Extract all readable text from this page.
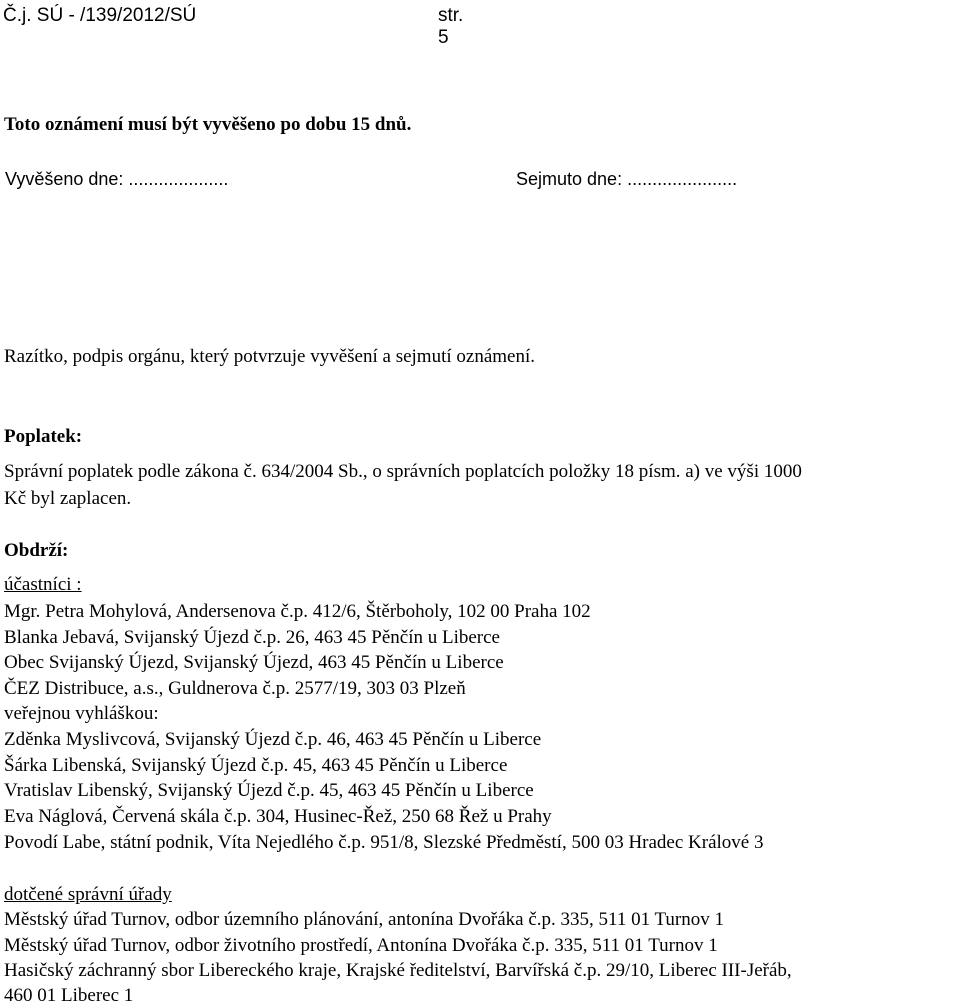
Č.j. SÚ - /139/2012/SÚ	str. 5
Toto oznámení musí být vyvěšeno po dobu 15 dnů.
Vyvěšeno dne: ....................	Sejmuto dne: ......................
Razítko, podpis orgánu, který potvrzuje vyvěšení a sejmutí oznámení.
Poplatek:
Správní poplatek podle zákona č. 634/2004 Sb., o správních poplatcích položky 18 písm. a) ve výši 1000
Kč byl zaplacen.
Obdrží:
účastníci :
Mgr. Petra Mohylová, Andersenova č.p. 412/6, Štěrboholy, 102 00 Praha 102
Blanka Jebavá, Svijanský Újezd č.p. 26, 463 45 Pěnčín u Liberce
Obec Svijanský Újezd, Svijanský Újezd, 463 45 Pěnčín u Liberce
ČEZ Distribuce, a.s., Guldnerova č.p. 2577/19, 303 03 Plzeň
veřejnou vyhláškou:
Zděnka Myslivcová, Svijanský Újezd č.p. 46, 463 45 Pěnčín u Liberce
Šárka Libenská, Svijanský Újezd č.p. 45, 463 45 Pěnčín u Liberce
Vratislav Libenský, Svijanský Újezd č.p. 45, 463 45 Pěnčín u Liberce
Eva Náglová, Červená skála č.p. 304, Husinec-Řež, 250 68 Řež u Prahy
Povodí Labe, státní podnik, Víta Nejedlého č.p. 951/8, Slezské Předměstí, 500 03 Hradec Králové 3
dotčené správní úřady
Městský úřad Turnov, odbor územního plánování, antonína Dvořáka č.p. 335, 511 01 Turnov 1
Městský úřad Turnov, odbor životního prostředí, Antonína Dvořáka č.p. 335, 511 01 Turnov 1
Hasičský záchranný sbor Libereckého kraje, Krajské ředitelství, Barvířská č.p. 29/10, Liberec III-Jeřáb,
460 01 Liberec 1
